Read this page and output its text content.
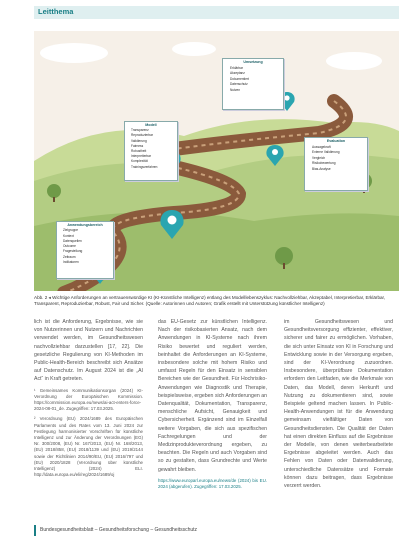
Leitthema
Umsetzung
Erklärbar
Akzeptanz
Dokumentiert
Datenschutz
Nutzen
Modell
Transparenz
Reproduzierbar
Validierung
Fairness
Robustheit
Interpretierbar
Komplexität
Trainingsverfahren
Evaluation
Aussagekraft
Externe Validierung
Vergleich
Risikobewertung
Bias-Analyse
Anwendungsbereich
Zielgruppe
Kontext
Datenquellen
Outcome
Fragestellung
Zeitraum
Indikatoren
Abb. 2 ◂ Wichtige Anforderungen an vertrauenswürdige KI (KI-Künstliche Intelligenz) entlang des Modelllebenszyklus: Nachvollziehbar, Akzeptabel, Interpretierbar, Erklärbar, Transparent, Reproduzierbar, Robust, Fair und Sicher. (Quelle: Autorinnen und Autoren; Grafik erstellt mit Unterstützung künstlicher Intelligenz)

lich ist die Anforderung, Ergebnisse, wie sie von Nutzerinnen und Nutzern und Nachrichten verwendet werden, im Gesundheitswesen nachvollziehbar darzustellen [17, 22]. Die gesetzliche Regulierung von KI-Methoden im Public-Health-Bereich beschreibt sich Ansätze auf Datenschutz. Im August 2024 ist die „AI Act“ in Kraft getreten.

¹ Gemeinsames Kommunikationsorgan (2024) KI-Verordnung der Europäischen Kommission. https://commission.europa.eu/news/ai-act-enters-force-2024-08-01_de. Zugegriffen: 17.03.2025.

² Verordnung (EU) 2024/1689 des Europäischen Parlaments und des Rates vom 13. Juni 2024 zur Festlegung harmonisierter Vorschriften für künstliche Intelligenz und zur Änderung der Verordnungen (EG) Nr. 300/2008, (EU) Nr. 167/2013, (EU) Nr. 168/2013, (EU) 2018/858, (EU) 2018/1139 und (EU) 2019/2144 sowie der Richtlinien 2014/90/EU, (EU) 2016/797 und (EU) 2020/1828 (Verordnung über künstliche Intelligenz) (2024) ELI. http://data.europa.eu/eli/reg/2024/1689/oj

das EU-Gesetz zur künstlichen Intelligenz. Nach der risikobasierten Ansatz, nach dem Anwendungen in KI-Systeme nach ihrem Risiko bewertet und reguliert werden, beinhaltet die Anforderungen an KI-Systeme, insbesondere solche mit hohem Risiko und umfasst Regeln für den Einsatz in sensiblen Bereichen wie der Gesundheit. Für Hochrisiko-Anwendungen wie Diagnostik und Therapie, beispielsweise, ergeben sich Anforderungen an Datenqualität, Dokumentation, Transparenz, menschliche Aufsicht, Genauigkeit und Cybersicherheit. Ergänzend sind im Einzelfall weitere Vorgaben, die sich aus spezifischen Fachregelungen und der Medizinprodukteverordnung ergeben, zu beachten. Die Regeln und auch Vorgaben sind so zu gestalten, dass Grundrechte und Werte gewahrt bleiben.

https://www.europarl.europa.eu/news/de (2024) bis EU. 2024 (abgerufen). Zugegriffen: 17.03.2025.

im Gesundheitswesen und Gesundheitsversorgung effizienter, effektiver, sicherer und fairer zu ermöglichen. Vorhaben, die sich unter Einsatz von KI in Forschung und Entwicklung sowie in der Versorgung ergeben, sind der KI-Verordnung zuzuordnen. Insbesondere, überprüfbare Dokumentation erfordern den Leitfaden, wie die Merkmale von Daten, das Modell, deren Herkunft und Nutzung zu dokumentieren sind, sowie Beispiele geltend machen lassen. In Public-Health-Anwendungen ist für die Anwendung gemeinsam vielfältiger Daten von Gesundheitsdiensten. Die Qualität der Daten hat einen direkten Einfluss auf die Ergebnisse der Modelle, von denen weiterbearbeitete Ergebnisse abgeleitet werden. Auch das Fehlen von Daten oder Datenvalidierung, unterschiedliche Datensätze und Formate können dazu beitragen, dass Ergebnisse verzerrt werden.

Bundesgesundheitsblatt – Gesundheitsforschung – Gesundheitsschutz
